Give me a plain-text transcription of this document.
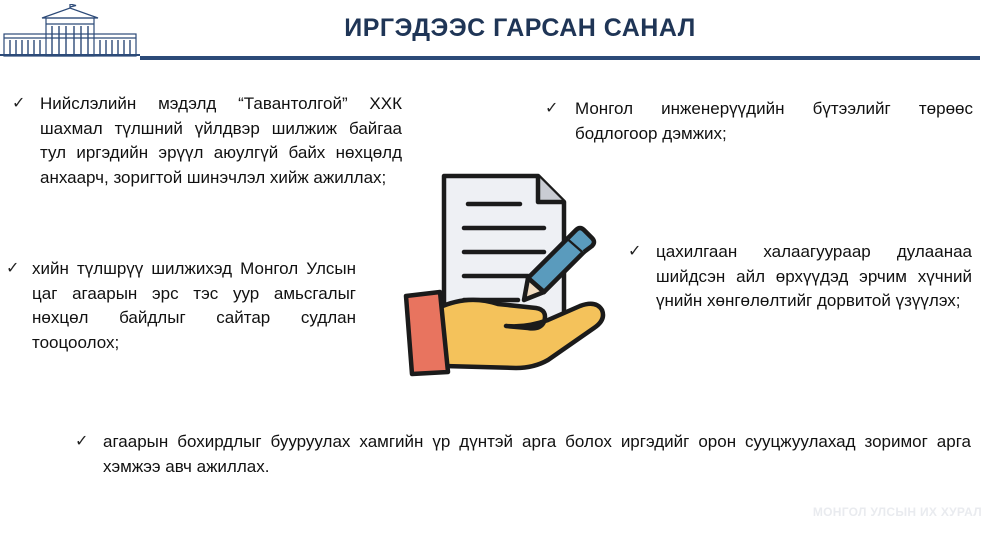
ИРГЭДЭЭС ГАРСАН САНАЛ
✓ Нийслэлийн мэдэлд “Тавантолгой” ХХК шахмал түлшний үйлдвэр шилжиж байгаа тул иргэдийн эрүүл аюулгүй байх нөхцөлд анхаарч, зоригтой шинэчлэл хийж ажиллах;
✓ Монгол инженерүүдийн бүтээлийг төрөөс бодлогоор дэмжих;
✓ хийн түлшрүү шилжихэд Монгол Улсын цаг агаарын эрс тэс уур амьсгалыг нөхцөл байдлыг сайтар судлан тооцоолох;
✓ цахилгаан халаагуураар дулаанаа шийдсэн айл өрхүүдэд эрчим хүчний үнийн хөнгөлөлтийг дорвитой үзүүлэх;
✓ агаарын бохирдлыг бууруулах хамгийн үр дүнтэй арга болох иргэдийг орон сууцжуулахад зоримог арга хэмжээ авч ажиллах.
МОНГОЛ УЛСЫН ИХ ХУРАЛ
